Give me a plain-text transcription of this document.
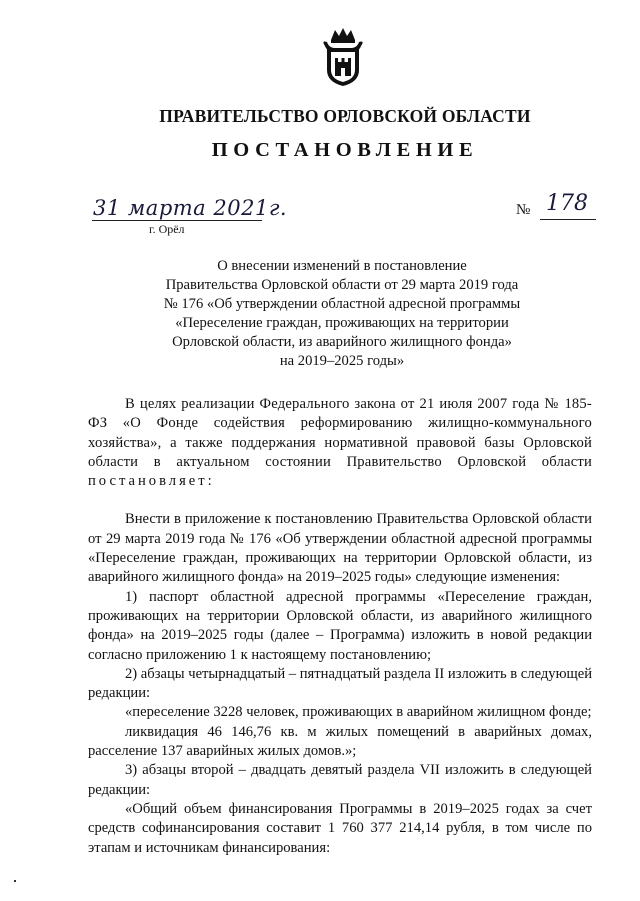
ПРАВИТЕЛЬСТВО ОРЛОВСКОЙ ОБЛАСТИ
ПОСТАНОВЛЕНИЕ
31 марта 2021г.
г. Орёл
№ 178
О внесении изменений в постановление
Правительства Орловской области от 29 марта 2019 года
№ 176 «Об утверждении областной адресной программы
«Переселение граждан, проживающих на территории
Орловской области, из аварийного жилищного фонда»
на 2019–2025 годы»

В целях реализации Федерального закона от 21 июля 2007 года № 185-ФЗ «О Фонде содействия реформированию жилищно-коммунального хозяйства», а также поддержания нормативной правовой базы Орловской области в актуальном состоянии Правительство Орловской области постановляет:

Внести в приложение к постановлению Правительства Орловской области от 29 марта 2019 года № 176 «Об утверждении областной адресной программы «Переселение граждан, проживающих на территории Орловской области, из аварийного жилищного фонда» на 2019–2025 годы» следующие изменения:

1) паспорт областной адресной программы «Переселение граждан, проживающих на территории Орловской области, из аварийного жилищного фонда» на 2019–2025 годы (далее – Программа) изложить в новой редакции согласно приложению 1 к настоящему постановлению;

2) абзацы четырнадцатый – пятнадцатый раздела II изложить в следующей редакции:

«переселение 3228 человек, проживающих в аварийном жилищном фонде;

ликвидация 46 146,76 кв. м жилых помещений в аварийных домах, расселение 137 аварийных жилых домов.»;

3) абзацы второй – двадцать девятый раздела VII изложить в следующей редакции:

«Общий объем финансирования Программы в 2019–2025 годах за счет средств софинансирования составит 1 760 377 214,14 рубля, в том числе по этапам и источникам финансирования:
